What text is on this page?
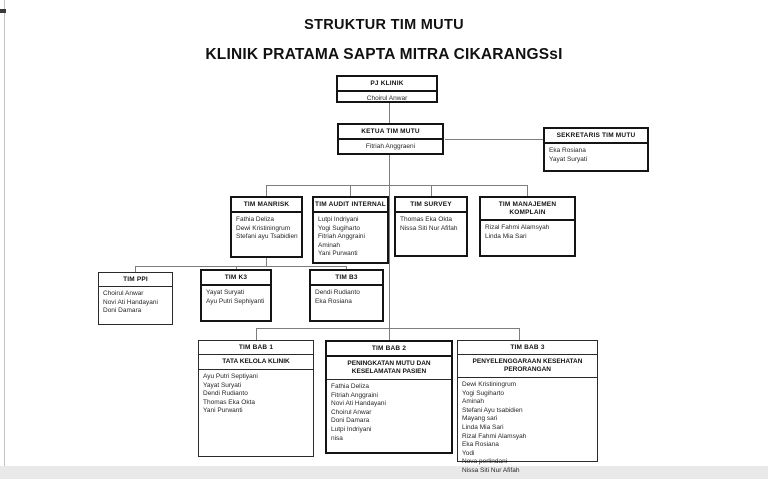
STRUKTUR TIM MUTU
KLINIK PRATAMA SAPTA MITRA CIKARANGSsI
PJ KLINIK
Choirul Anwar
KETUA TIM MUTU
Fitriah Anggraeni
SEKRETARIS TIM MUTU
Eka Rosiana
Yayat Suryati
TIM MANRISK
Fathia Deliza
Dewi Kristiningrum
Stefani ayu Tsabidien
TIM AUDIT INTERNAL
Lutpi Indriyani
Yogi Sugiharto
Fitriah Anggraini
Aminah
Yani Purwanti
TIM SURVEY
Thomas Eka Okta
Nissa Siti Nur Afifah
TIM MANAJEMEN KOMPLAIN
Rizal Fahmi Alamsyah
Linda Mia Sari
TIM PPI
Choirul Anwar
Novi Ati Handayani
Doni Damara
TIM K3
Yayat Suryati
Ayu Putri Sephiyanti
TIM B3
Dendi Rudianto
Eka Rosiana
TIM BAB 1
TATA KELOLA KLINIK
Ayu Putri Septiyani
Yayat Suryati
Dendi Rudianto
Thomas Eka Okta
Yani Purwanti
TIM BAB 2
PENINGKATAN MUTU DAN KESELAMATAN PASIEN
Fathia Deliza
Fitriah Anggraini
Novi Ati Handayani
Choirul Anwar
Doni Damara
Lutpi Indriyani
nisa
TIM BAB 3
PENYELENGGARAAN KESEHATAN PERORANGAN
Dewi Kristiningrum
Yogi Sugiharto
Aminah
Stefani Ayu tsabidien
Mayang sari
Linda Mia Sari
Rizal Fahmi Alamsyah
Eka Rosiana
Yodi
Nova perlindani
Nissa Siti Nur Afifah
